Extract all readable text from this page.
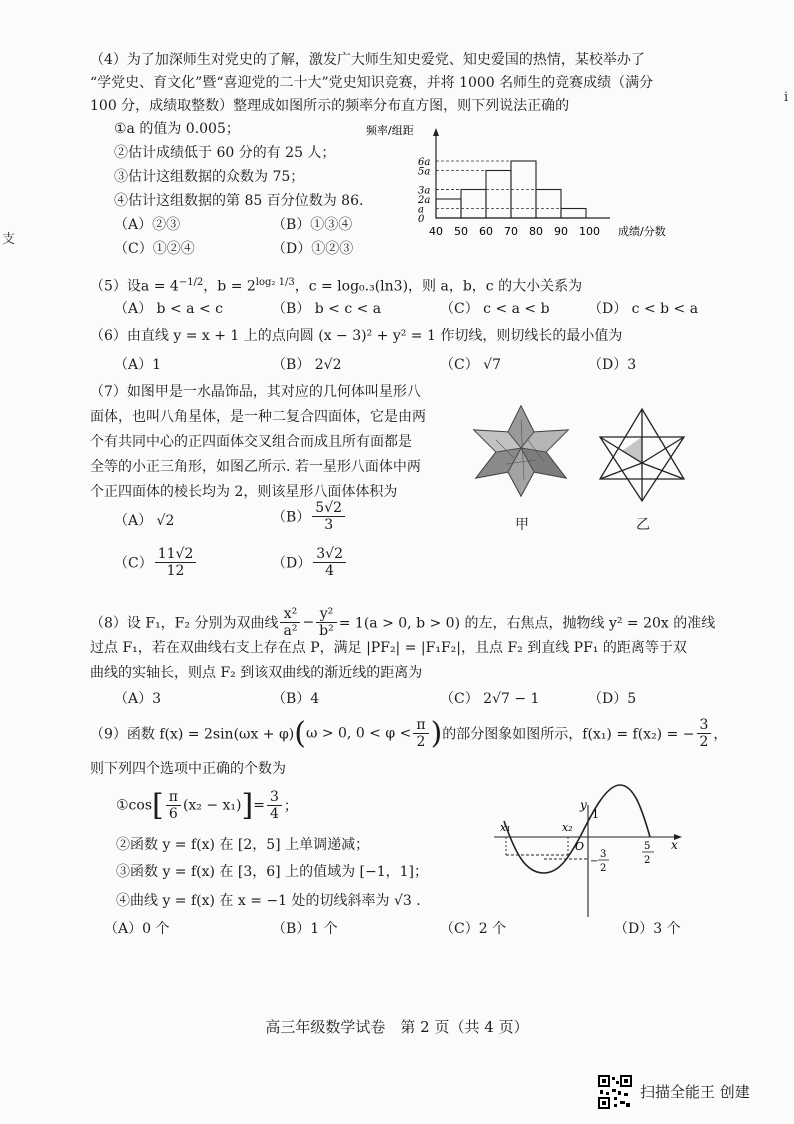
（4）为了加深师生对党史的了解，激发广大师生知史爱党、知史爱国的热情，某校举办了
“学党史、育文化”暨“喜迎党的二十大”党史知识竞赛，并将 1000 名师生的竞赛成绩（满分
100 分，成绩取整数）整理成如图所示的频率分布直方图，则下列说法正确的
①a 的值为 0.005；
②估计成绩低于 60 分的有 25 人；
③估计这组数据的众数为 75；
④估计这组数据的第 85 百分位数为 86.
（A）②③	（B）①③④
（C）①②④	（D）①②③
频率/组距
成绩/分数
40 50 60 70 80 90 100
6a
5a
3a
2a
a
0
（5）设$a = 4^{-1/2}$，$b = 2^{log_2 1/3}$，c = log₀.₃(ln3)，则 a，b，c 的大小关系为
（A） b < a < c	（B） b < c < a	（C） c < a < b	（D） c < b < a
（6）由直线 y = x + 1 上的点向圆 (x − 3)² + y² = 1 作切线，则切线长的最小值为
（A）1	（B） 2√2	（C） √7	（D）3
（7）如图甲是一水晶饰品，其对应的几何体叫星形八
面体，也叫八角星体，是一种二复合四面体，它是由两
个有共同中心的正四面体交叉组合而成且所有面都是
全等的小正三角形，如图乙所示. 若一星形八面体中两
个正四面体的棱长均为 2，则该星形八面体体积为
（A） √2	$(B) \frac{5√2}{3}$
$(C) \frac{11√2}{12}$	$(D) \frac{3√2}{4}$
甲	乙
（8）设 F₁，F₂ 分别为双曲线 $\frac{\text{x²}}{\text{a²}} - \frac{\text{y²}}{\text{b²}} = 1(a > 0$, b > 0) 的左，右焦点，抛物线 y² = 20x 的准线
过点 F₁，若在双曲线右支上存在点 P，满足 |PF₂| = |F₁F₂|，且点 F₂ 到直线 PF₁ 的距离等于双
曲线的实轴长，则点 F₂ 到该双曲线的渐近线的距离为
（A）3	（B）4	（C） 2√7 − 1	（D）5
（9）函数 f(x) = 2sin(ωx + φ)(ω > 0, $0 < \varphi < \frac{\pi}{2}$ )的部分图象如图所示，f(x₁) = f(x₂) = − $\frac{3}{2}$ ，
则下列四个选项中正确的个数为
①cos[ $\frac{\pi}{6} (x_2 - x_1)]= \frac{3}{4}$ ；
②函数 y = f(x) 在 [2，5] 上单调递减；
③函数 y = f(x) 在 [3，6] 上的值域为 [−1，1]；
④曲线 y = f(x) 在 x = −1 处的切线斜率为 √3 .
（A）0 个	（B）1 个	（C）2 个	（D）3 个
y
x
O
1
x₁	x₂
5
2
−
3
2
高三年级数学试卷　第 2 页（共 4 页）
扫描全能王 创建
支
i
